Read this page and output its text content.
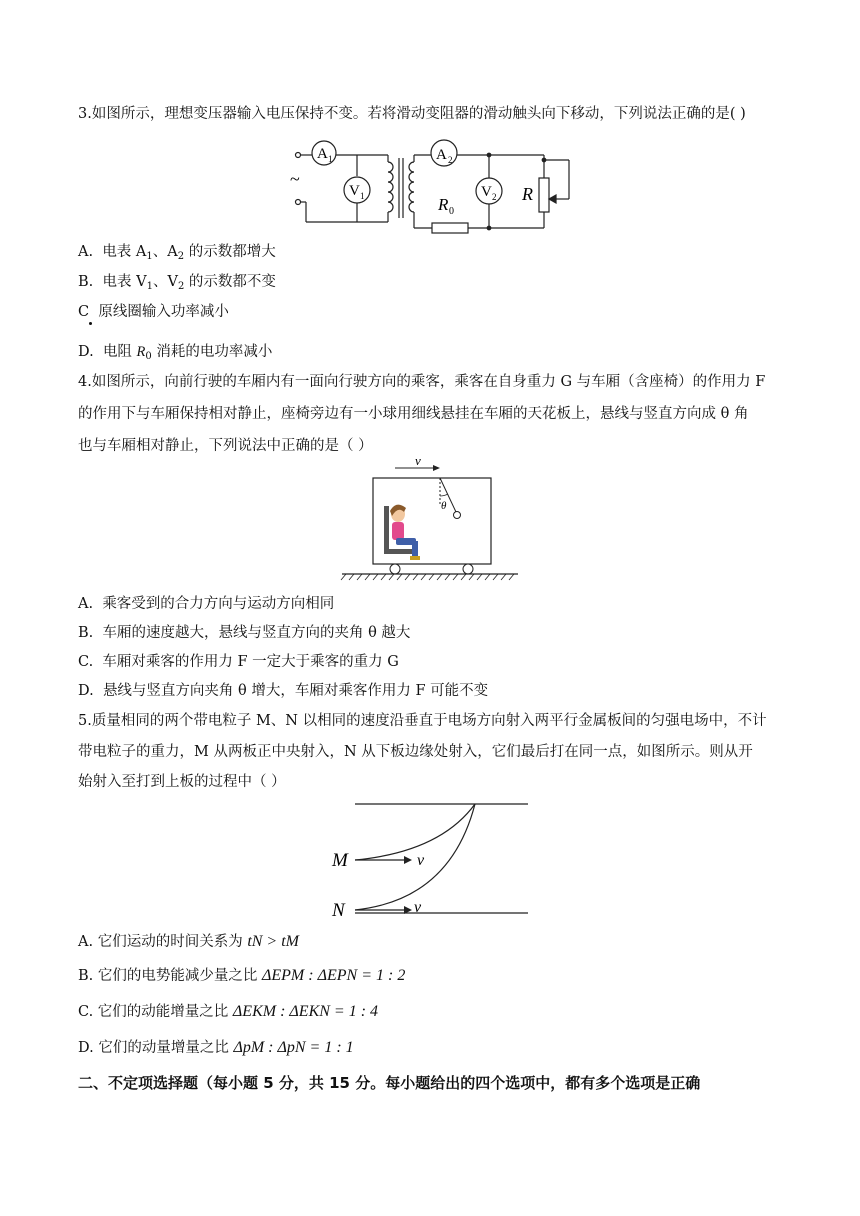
3.如图所示，理想变压器输入电压保持不变。若将滑动变阻器的滑动触头向下移动，下列说法正确的是( )
A 1	A 2
V 1	V 2
R 0
R
~
A. 电表 $A_1$、$A_2$ 的示数都增大
B. 电表 $V_1$、$V_2$ 的示数都不变
C 原线圈输入功率减小
D. 电阻 $R_0$ 消耗的电功率减小
4.如图所示，向前行驶的车厢内有一面向行驶方向的乘客，乘客在自身重力 G 与车厢（含座椅）的作用力 F
的作用下与车厢保持相对静止，座椅旁边有一小球用细线悬挂在车厢的天花板上，悬线与竖直方向成 θ 角
也与车厢相对静止，下列说法中正确的是（ ）
v
θ
A. 乘客受到的合力方向与运动方向相同
B. 车厢的速度越大，悬线与竖直方向的夹角 θ 越大
C. 车厢对乘客的作用力 F 一定大于乘客的重力 G
D. 悬线与竖直方向夹角 θ 增大，车厢对乘客作用力 F 可能不变
5.质量相同的两个带电粒子 M、N 以相同的速度沿垂直于电场方向射入两平行金属板间的匀强电场中，不计
带电粒子的重力，M 从两板正中央射入，N 从下板边缘处射入，它们最后打在同一点，如图所示。则从开
始射入至打到上板的过程中（ ）
M
N
v
v
A. 它们运动的时间关系为 tN > tM
B. 它们的电势能减少量之比 ΔEPM : ΔEPN = 1 : 2
C. 它们的动能增量之比 ΔEKM : ΔEKN = 1 : 4
D. 它们的动量增量之比 ΔpM : ΔpN = 1 : 1
二、不定项选择题（每小题 5 分，共 15 分。每小题给出的四个选项中，都有多个选项是正确
